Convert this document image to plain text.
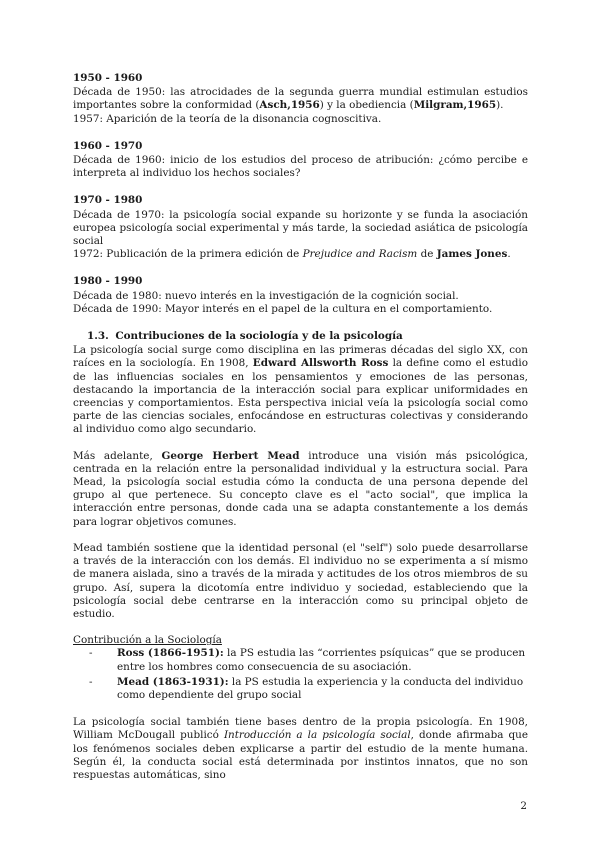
1950 - 1960
Década de 1950: las atrocidades de la segunda guerra mundial estimulan estudios importantes sobre la conformidad (Asch,1956) y la obediencia (Milgram,1965).
1957: Aparición de la teoría de la disonancia cognoscitiva.
1960 - 1970
Década de 1960: inicio de los estudios del proceso de atribución: ¿cómo percibe e interpreta al individuo los hechos sociales?
1970 - 1980
Década de 1970: la psicología social expande su horizonte y se funda la asociación europea psicología social experimental y más tarde, la sociedad asiática de psicología social
1972: Publicación de la primera edición de Prejudice and Racism de James Jones.
1980 - 1990
Década de 1980: nuevo interés en la investigación de la cognición social.
Década de 1990: Mayor interés en el papel de la cultura en el comportamiento.
1.3. Contribuciones de la sociología y de la psicología
La psicología social surge como disciplina en las primeras décadas del siglo XX, con raíces en la sociología. En 1908, Edward Allsworth Ross la define como el estudio de las influencias sociales en los pensamientos y emociones de las personas, destacando la importancia de la interacción social para explicar uniformidades en creencias y comportamientos. Esta perspectiva inicial veía la psicología social como parte de las ciencias sociales, enfocándose en estructuras colectivas y considerando al individuo como algo secundario.
Más adelante, George Herbert Mead introduce una visión más psicológica, centrada en la relación entre la personalidad individual y la estructura social. Para Mead, la psicología social estudia cómo la conducta de una persona depende del grupo al que pertenece. Su concepto clave es el "acto social", que implica la interacción entre personas, donde cada una se adapta constantemente a los demás para lograr objetivos comunes.
Mead también sostiene que la identidad personal (el "self") solo puede desarrollarse a través de la interacción con los demás. El individuo no se experimenta a sí mismo de manera aislada, sino a través de la mirada y actitudes de los otros miembros de su grupo. Así, supera la dicotomía entre individuo y sociedad, estableciendo que la psicología social debe centrarse en la interacción como su principal objeto de estudio.
Contribución a la Sociología
- Ross (1866-1951): la PS estudia las “corrientes psíquicas” que se producen entre los hombres como consecuencia de su asociación.
- Mead (1863-1931): la PS estudia la experiencia y la conducta del individuo como dependiente del grupo social
La psicología social también tiene bases dentro de la propia psicología. En 1908, William McDougall publicó Introducción a la psicología social, donde afirmaba que los fenómenos sociales deben explicarse a partir del estudio de la mente humana. Según él, la conducta social está determinada por instintos innatos, que no son respuestas automáticas, sino
2
